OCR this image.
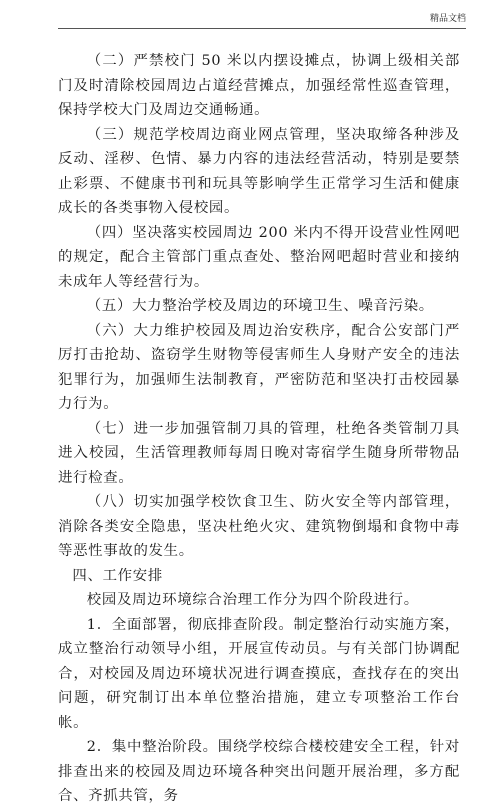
精品文档

（二）严禁校门 50 米以内摆设摊点，协调上级相关部门及时清除校园周边占道经营摊点，加强经常性巡查管理，保持学校大门及周边交通畅通。

（三）规范学校周边商业网点管理，坚决取缔各种涉及反动、淫秽、色情、暴力内容的违法经营活动，特别是要禁止彩票、不健康书刊和玩具等影响学生正常学习生活和健康成长的各类事物入侵校园。

（四）坚决落实校园周边 200 米内不得开设营业性网吧的规定，配合主管部门重点查处、整治网吧超时营业和接纳未成年人等经营行为。

（五）大力整治学校及周边的环境卫生、噪音污染。

（六）大力维护校园及周边治安秩序，配合公安部门严厉打击抢劫、盗窃学生财物等侵害师生人身财产安全的违法犯罪行为，加强师生法制教育，严密防范和坚决打击校园暴力行为。

（七）进一步加强管制刀具的管理，杜绝各类管制刀具进入校园，生活管理教师每周日晚对寄宿学生随身所带物品进行检查。

（八）切实加强学校饮食卫生、防火安全等内部管理，消除各类安全隐患，坚决杜绝火灾、建筑物倒塌和食物中毒等恶性事故的发生。

四、工作安排

校园及周边环境综合治理工作分为四个阶段进行。

1．全面部署，彻底排查阶段。制定整治行动实施方案，成立整治行动领导小组，开展宣传动员。与有关部门协调配合，对校园及周边环境状况进行调查摸底，查找存在的突出问题，研究制订出本单位整治措施，建立专项整治工作台帐。

2．集中整治阶段。围绕学校综合楼校建安全工程，针对排查出来的校园及周边环境各种突出问题开展治理，多方配合、齐抓共管，务
